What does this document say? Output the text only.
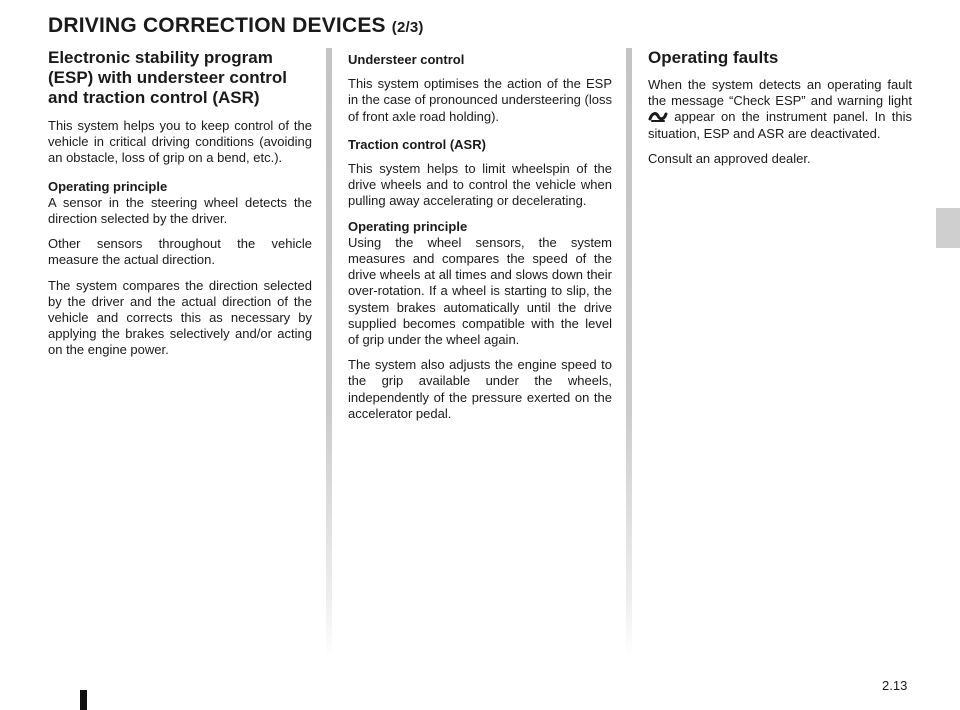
DRIVING CORRECTION DEVICES (2/3)
Electronic stability program (ESP) with understeer control and traction control (ASR)

This system helps you to keep control of the vehicle in critical driving conditions (avoiding an obstacle, loss of grip on a bend, etc.).

Operating principle

A sensor in the steering wheel detects the direction selected by the driver.

Other sensors throughout the vehicle measure the actual direction.

The system compares the direction selected by the driver and the actual direction of the vehicle and corrects this as necessary by applying the brakes selectively and/or acting on the engine power.

Understeer control

This system optimises the action of the ESP in the case of pronounced understeering (loss of front axle road holding).

Traction control (ASR)

This system helps to limit wheelspin of the drive wheels and to control the vehicle when pulling away accelerating or decelerating.

Operating principle

Using the wheel sensors, the system measures and compares the speed of the drive wheels at all times and slows down their over-rotation. If a wheel is starting to slip, the system brakes automatically until the drive supplied becomes compatible with the level of grip under the wheel again.

The system also adjusts the engine speed to the grip available under the wheels, independently of the pressure exerted on the accelerator pedal.

Operating faults

When the system detects an operating fault the message “Check ESP” and warning light  appear on the instrument panel. In this situation, ESP and ASR are deactivated.

Consult an approved dealer.

2.13
